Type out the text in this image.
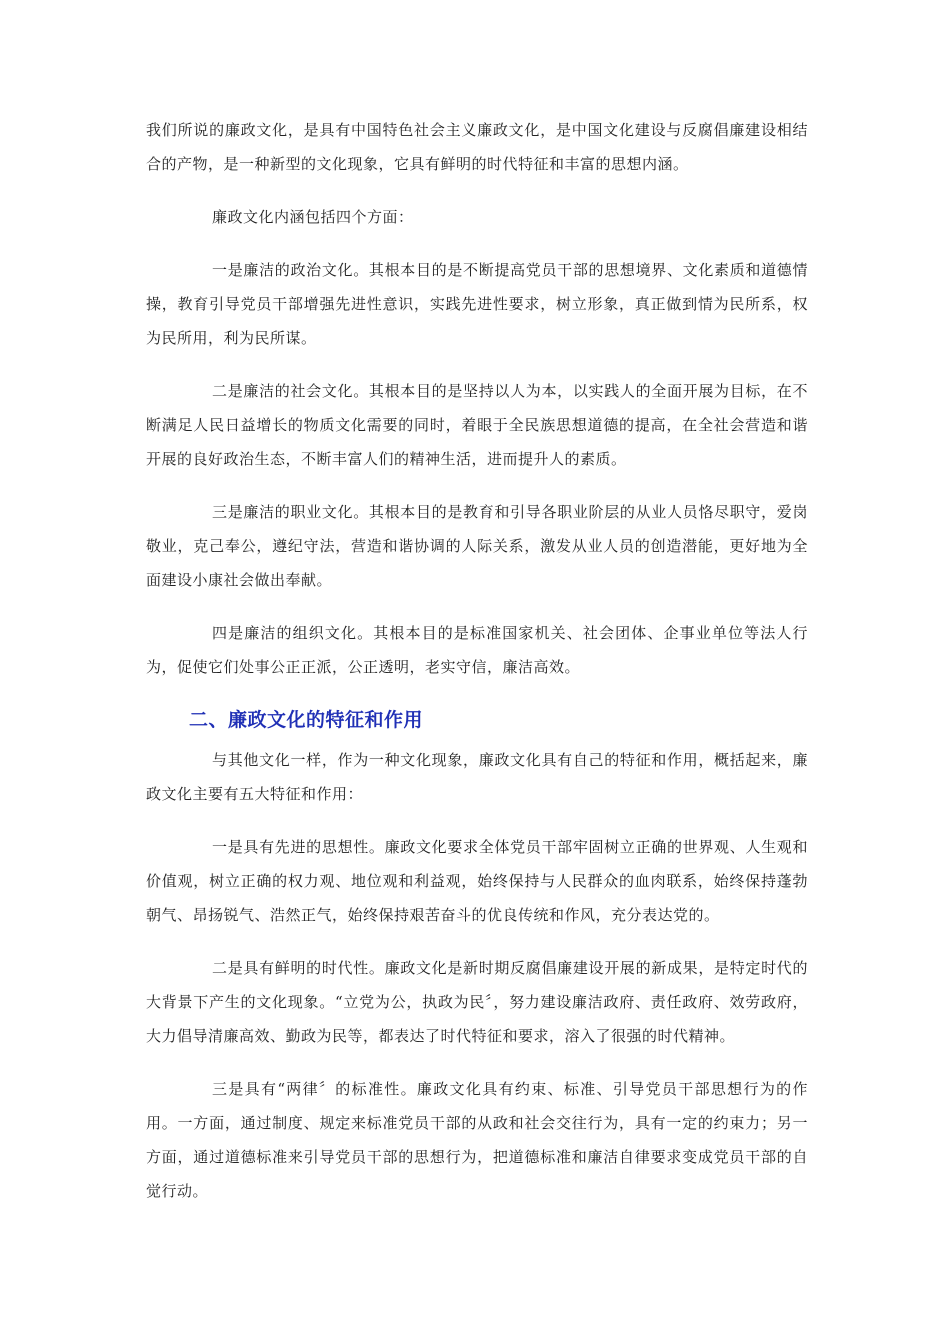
我们所说的廉政文化，是具有中国特色社会主义廉政文化，是中国文化建设与反腐倡廉建设相结合的产物，是一种新型的文化现象，它具有鲜明的时代特征和丰富的思想内涵。

廉政文化内涵包括四个方面：

一是廉洁的政治文化。其根本目的是不断提高党员干部的思想境界、文化素质和道德情操，教育引导党员干部增强先进性意识，实践先进性要求，树立形象，真正做到情为民所系，权为民所用，利为民所谋。

二是廉洁的社会文化。其根本目的是坚持以人为本，以实践人的全面开展为目标，在不断满足人民日益增长的物质文化需要的同时，着眼于全民族思想道德的提高，在全社会营造和谐开展的良好政治生态，不断丰富人们的精神生活，进而提升人的素质。

三是廉洁的职业文化。其根本目的是教育和引导各职业阶层的从业人员恪尽职守，爱岗敬业，克己奉公，遵纪守法，营造和谐协调的人际关系，激发从业人员的创造潜能，更好地为全面建设小康社会做出奉献。

四是廉洁的组织文化。其根本目的是标准国家机关、社会团体、企事业单位等法人行为，促使它们处事公正正派，公正透明，老实守信，廉洁高效。

二、廉政文化的特征和作用

与其他文化一样，作为一种文化现象，廉政文化具有自己的特征和作用，概括起来，廉政文化主要有五大特征和作用：

一是具有先进的思想性。廉政文化要求全体党员干部牢固树立正确的世界观、人生观和价值观，树立正确的权力观、地位观和利益观，始终保持与人民群众的血肉联系，始终保持蓬勃朝气、昂扬锐气、浩然正气，始终保持艰苦奋斗的优良传统和作风，充分表达党的。

二是具有鲜明的时代性。廉政文化是新时期反腐倡廉建设开展的新成果，是特定时代的大背景下产生的文化现象。“立党为公，执政为民〞，努力建设廉洁政府、责任政府、效劳政府，大力倡导清廉高效、勤政为民等，都表达了时代特征和要求，溶入了很强的时代精神。

三是具有“两律〞的标准性。廉政文化具有约束、标准、引导党员干部思想行为的作用。一方面，通过制度、规定来标准党员干部的从政和社会交往行为，具有一定的约束力；另一方面，通过道德标准来引导党员干部的思想行为，把道德标准和廉洁自律要求变成党员干部的自觉行动。
